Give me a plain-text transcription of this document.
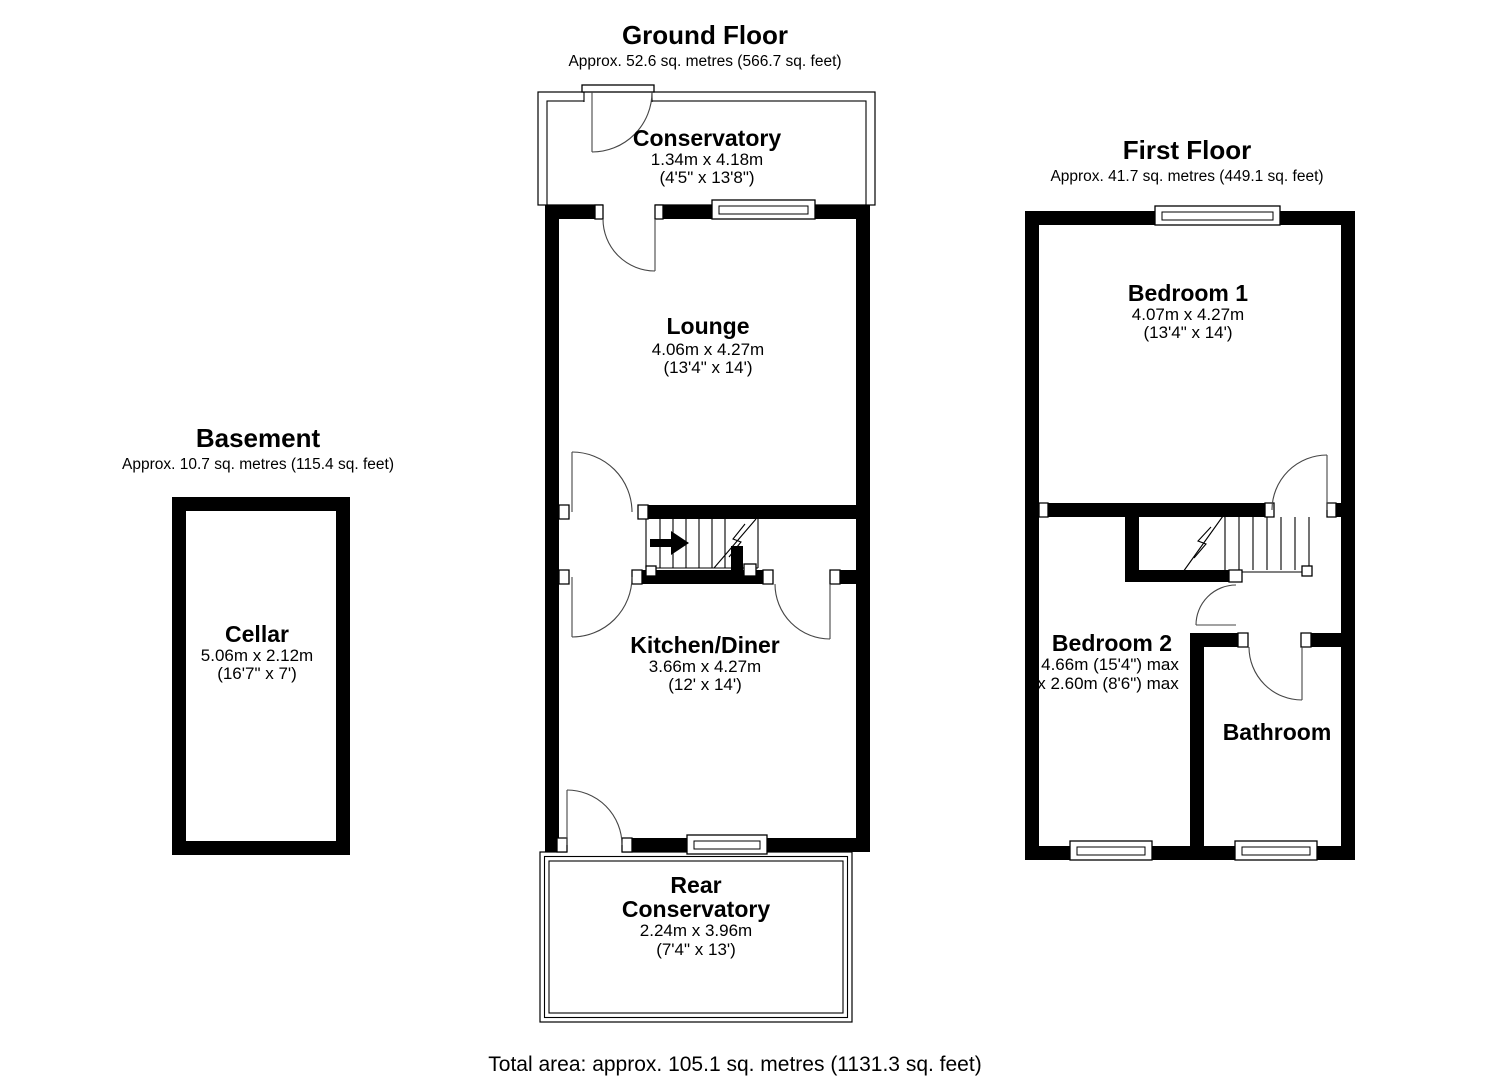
Ground Floor
Approx. 52.6 sq. metres (566.7 sq. feet)
Conservatory
1.34m x 4.18m
(4'5" x 13'8")
Lounge
4.06m x 4.27m
(13'4" x 14')
Kitchen/Diner
3.66m x 4.27m
(12' x 14')
Rear
Conservatory
2.24m x 3.96m
(7'4" x 13')
First Floor
Approx. 41.7 sq. metres (449.1 sq. feet)
Bedroom 1
4.07m x 4.27m
(13'4" x 14')
Bedroom 2
4.66m (15'4") max
x 2.60m (8'6") max
Bathroom
Basement
Approx. 10.7 sq. metres (115.4 sq. feet)
Cellar
5.06m x 2.12m
(16'7" x 7')
Total area: approx. 105.1 sq. metres (1131.3 sq. feet)
